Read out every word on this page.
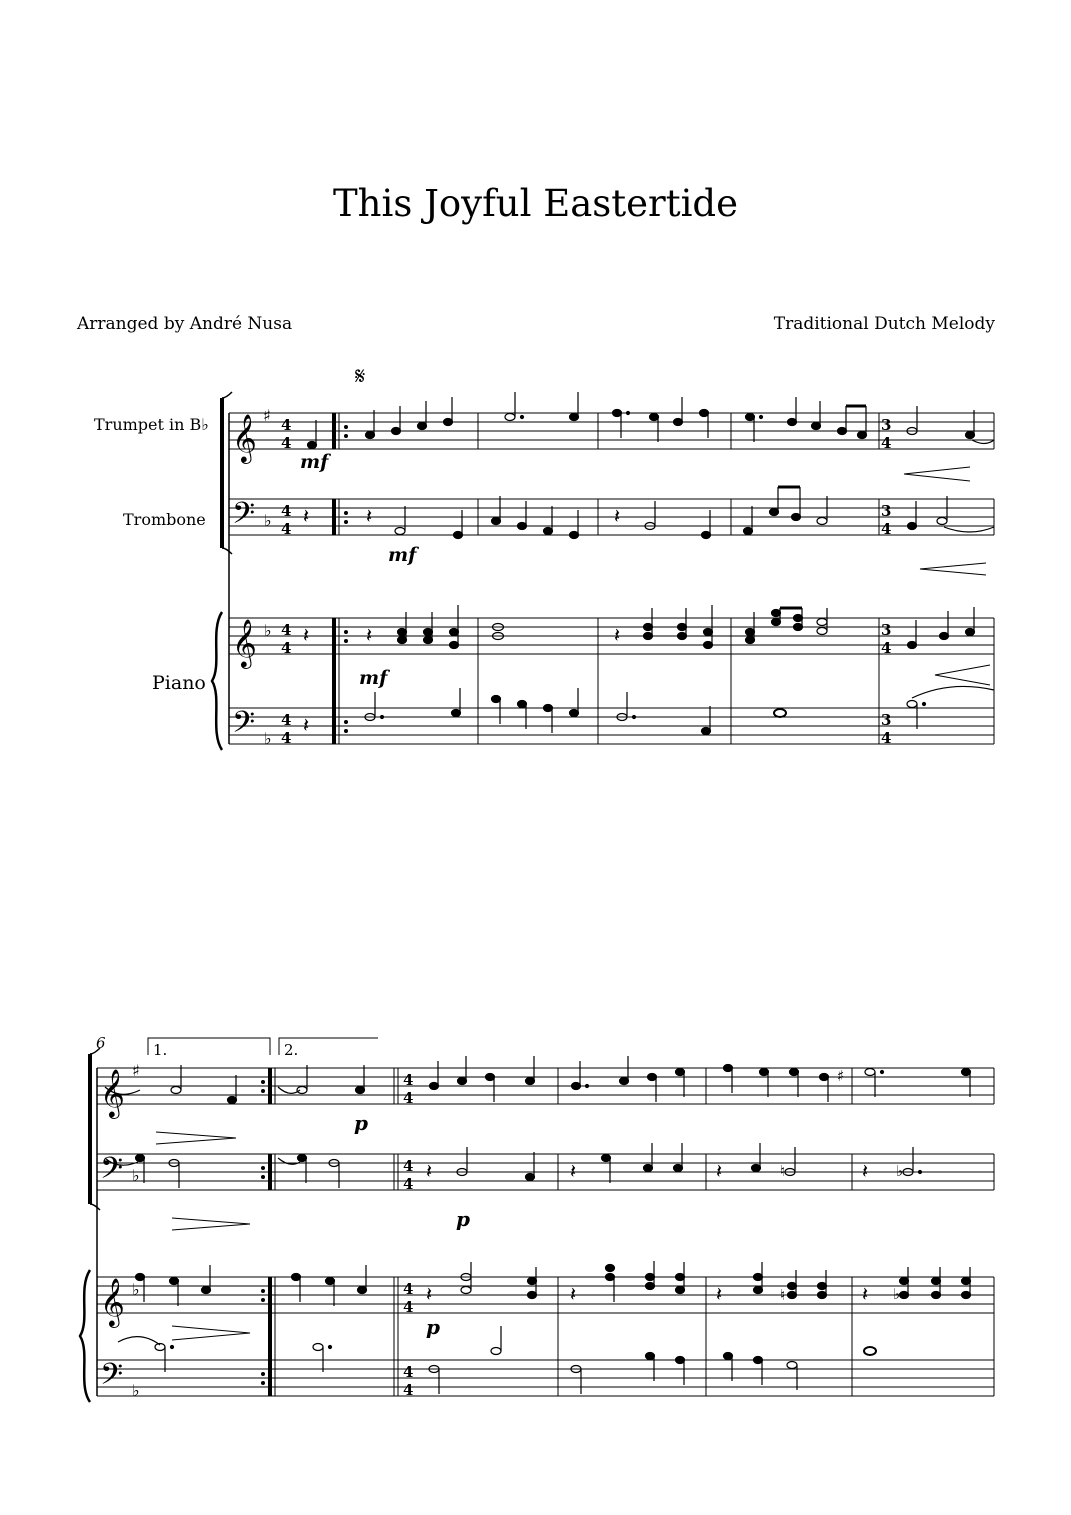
This Joyful Eastertide
Arranged by André Nusa	Traditional Dutch Melody
Trumpet in B♭
Trombone
Piano
𝄞
𝄢
𝄞
𝄢
♯
♭
♭
♭
4
4
4
4
4
4
4
4
3
4
3
4
3
4
3
4
𝄋
𝄽	𝄽	𝄽
𝄽	𝄽	𝄽
𝄽
mf
mf
mf
6	1.	2.
𝄞
𝄢
𝄞
𝄢
♯
♭
♭
♭
4
4
4
4
4
4
4
4
𝄽	𝄽	𝄽	𝄽
𝄽	𝄽	𝄽	𝄽
♯
♮	♭
♮	♭
p
p
p
